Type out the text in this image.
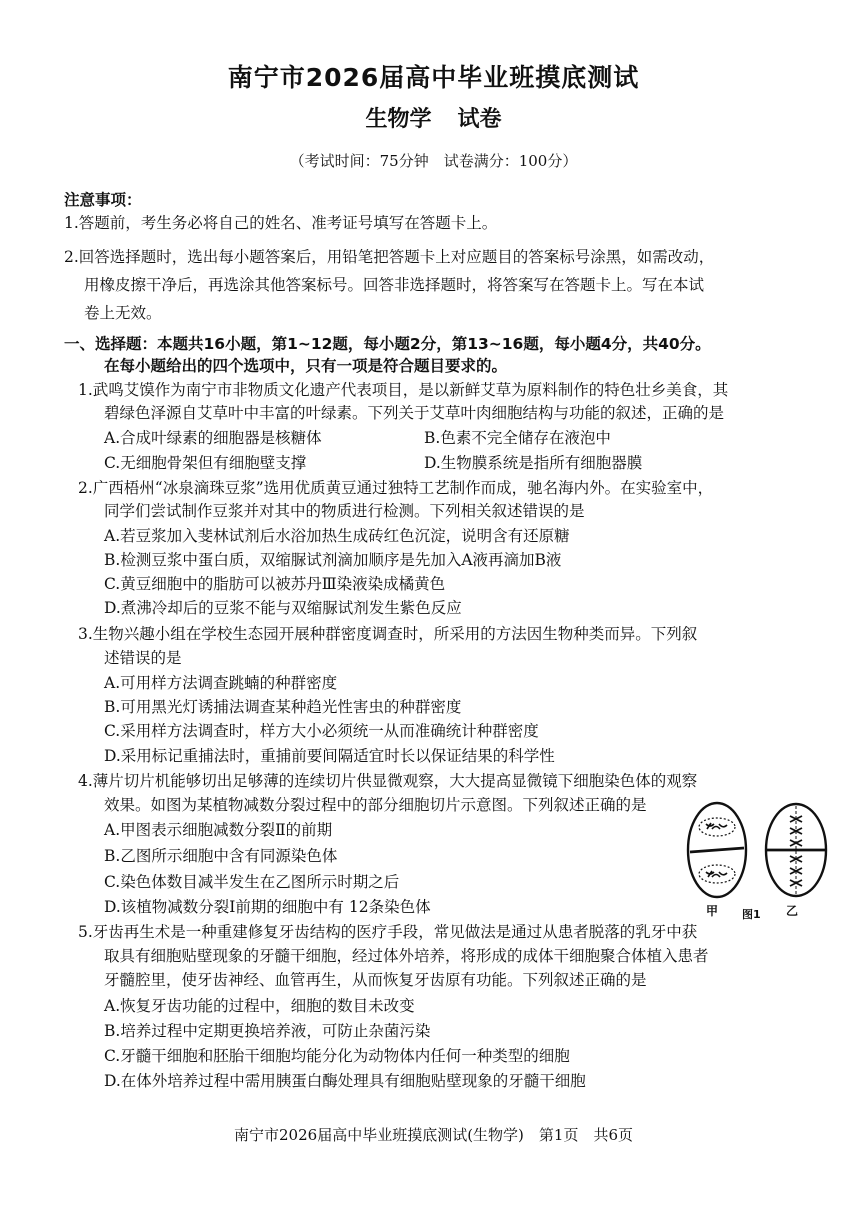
南宁市2026届高中毕业班摸底测试
生物学 试卷
（考试时间：75分钟　试卷满分：100分）
注意事项：
1.答题前，考生务必将自己的姓名、准考证号填写在答题卡上。
2.回答选择题时，选出每小题答案后，用铅笔把答题卡上对应题目的答案标号涂黑，如需改动，
用橡皮擦干净后，再选涂其他答案标号。回答非选择题时，将答案写在答题卡上。写在本试
卷上无效。
一、选择题：本题共16小题，第1~12题，每小题2分，第13~16题，每小题4分，共40分。
在每小题给出的四个选项中，只有一项是符合题目要求的。
1.武鸣艾馍作为南宁市非物质文化遗产代表项目，是以新鲜艾草为原料制作的特色壮乡美食，其
碧绿色泽源自艾草叶中丰富的叶绿素。下列关于艾草叶肉细胞结构与功能的叙述，正确的是
A.合成叶绿素的细胞器是核糖体	B.色素不完全储存在液泡中
C.无细胞骨架但有细胞壁支撑	D.生物膜系统是指所有细胞器膜
2.广西梧州“冰泉滴珠豆浆”选用优质黄豆通过独特工艺制作而成，驰名海内外。在实验室中，
同学们尝试制作豆浆并对其中的物质进行检测。下列相关叙述错误的是
A.若豆浆加入斐林试剂后水浴加热生成砖红色沉淀，说明含有还原糖
B.检测豆浆中蛋白质，双缩脲试剂滴加顺序是先加入A液再滴加B液
C.黄豆细胞中的脂肪可以被苏丹Ⅲ染液染成橘黄色
D.煮沸冷却后的豆浆不能与双缩脲试剂发生紫色反应
3.生物兴趣小组在学校生态园开展种群密度调查时，所采用的方法因生物种类而异。下列叙
述错误的是
A.可用样方法调查跳蝻的种群密度
B.可用黑光灯诱捕法调查某种趋光性害虫的种群密度
C.采用样方法调查时，样方大小必须统一从而准确统计种群密度
D.采用标记重捕法时，重捕前要间隔适宜时长以保证结果的科学性
4.薄片切片机能够切出足够薄的连续切片供显微观察，大大提高显微镜下细胞染色体的观察
效果。如图为某植物减数分裂过程中的部分细胞切片示意图。下列叙述正确的是
A.甲图表示细胞减数分裂Ⅱ的前期
B.乙图所示细胞中含有同源染色体
C.染色体数目减半发生在乙图所示时期之后
D.该植物减数分裂Ⅰ前期的细胞中有 12条染色体	甲 图1 乙
5.牙齿再生术是一种重建修复牙齿结构的医疗手段，常见做法是通过从患者脱落的乳牙中获
取具有细胞贴壁现象的牙髓干细胞，经过体外培养，将形成的成体干细胞聚合体植入患者
牙髓腔里，使牙齿神经、血管再生，从而恢复牙齿原有功能。下列叙述正确的是
A.恢复牙齿功能的过程中，细胞的数目未改变
B.培养过程中定期更换培养液，可防止杂菌污染
C.牙髓干细胞和胚胎干细胞均能分化为动物体内任何一种类型的细胞
D.在体外培养过程中需用胰蛋白酶处理具有细胞贴壁现象的牙髓干细胞
南宁市2026届高中毕业班摸底测试(生物学)　第1页　共6页
